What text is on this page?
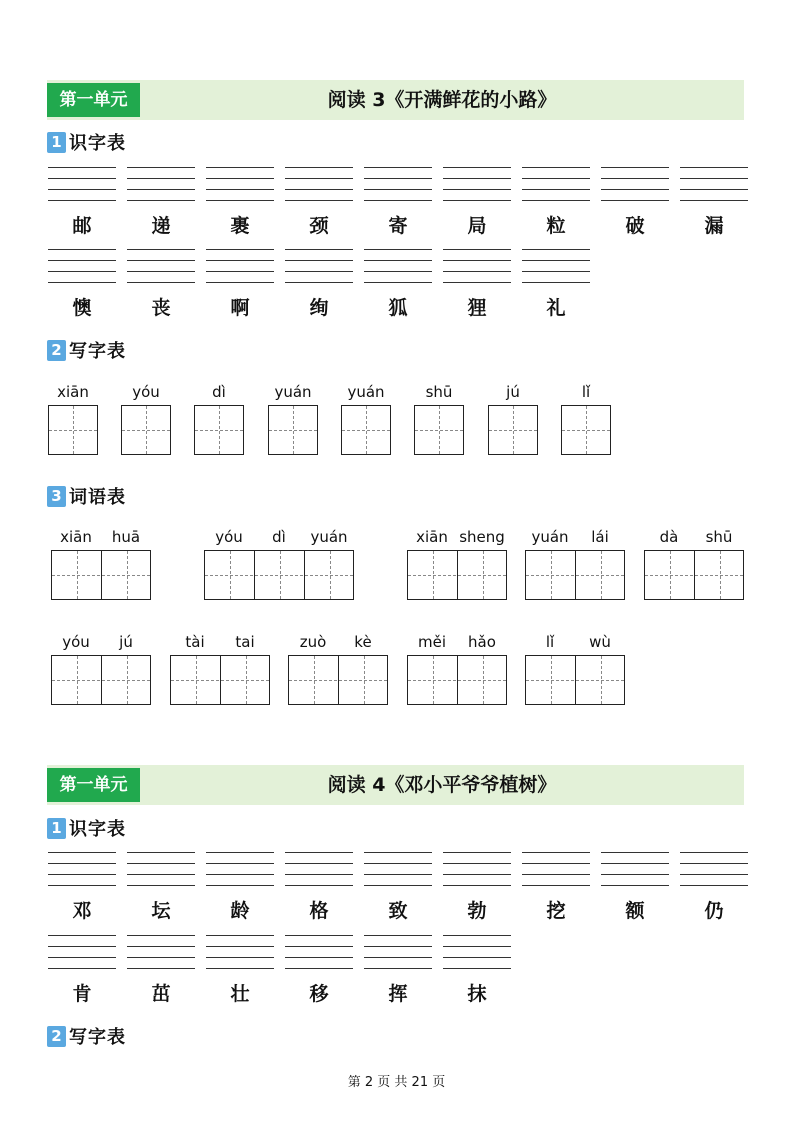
第一单元	阅读 3《开满鲜花的小路》
1 识字表
邮	递	裹	颈	寄	局	粒	破	漏
懊	丧	啊	绚	狐	狸	礼
2 写字表
xiān	yóu	dì	yuán	yuán	shū	jú	lǐ
3 词语表
xiān	huā	yóu	dì	yuán	xiān sheng	yuán	lái	dà	shū
yóu	jú	tài	tai	zuò	kè	měi	hǎo	lǐ	wù
第一单元	阅读 4《邓小平爷爷植树》
1 识字表
邓	坛	龄	格	致	勃	挖	额	仍
肯	茁	壮	移	挥	抹
2 写字表
第 2 页 共 21 页
